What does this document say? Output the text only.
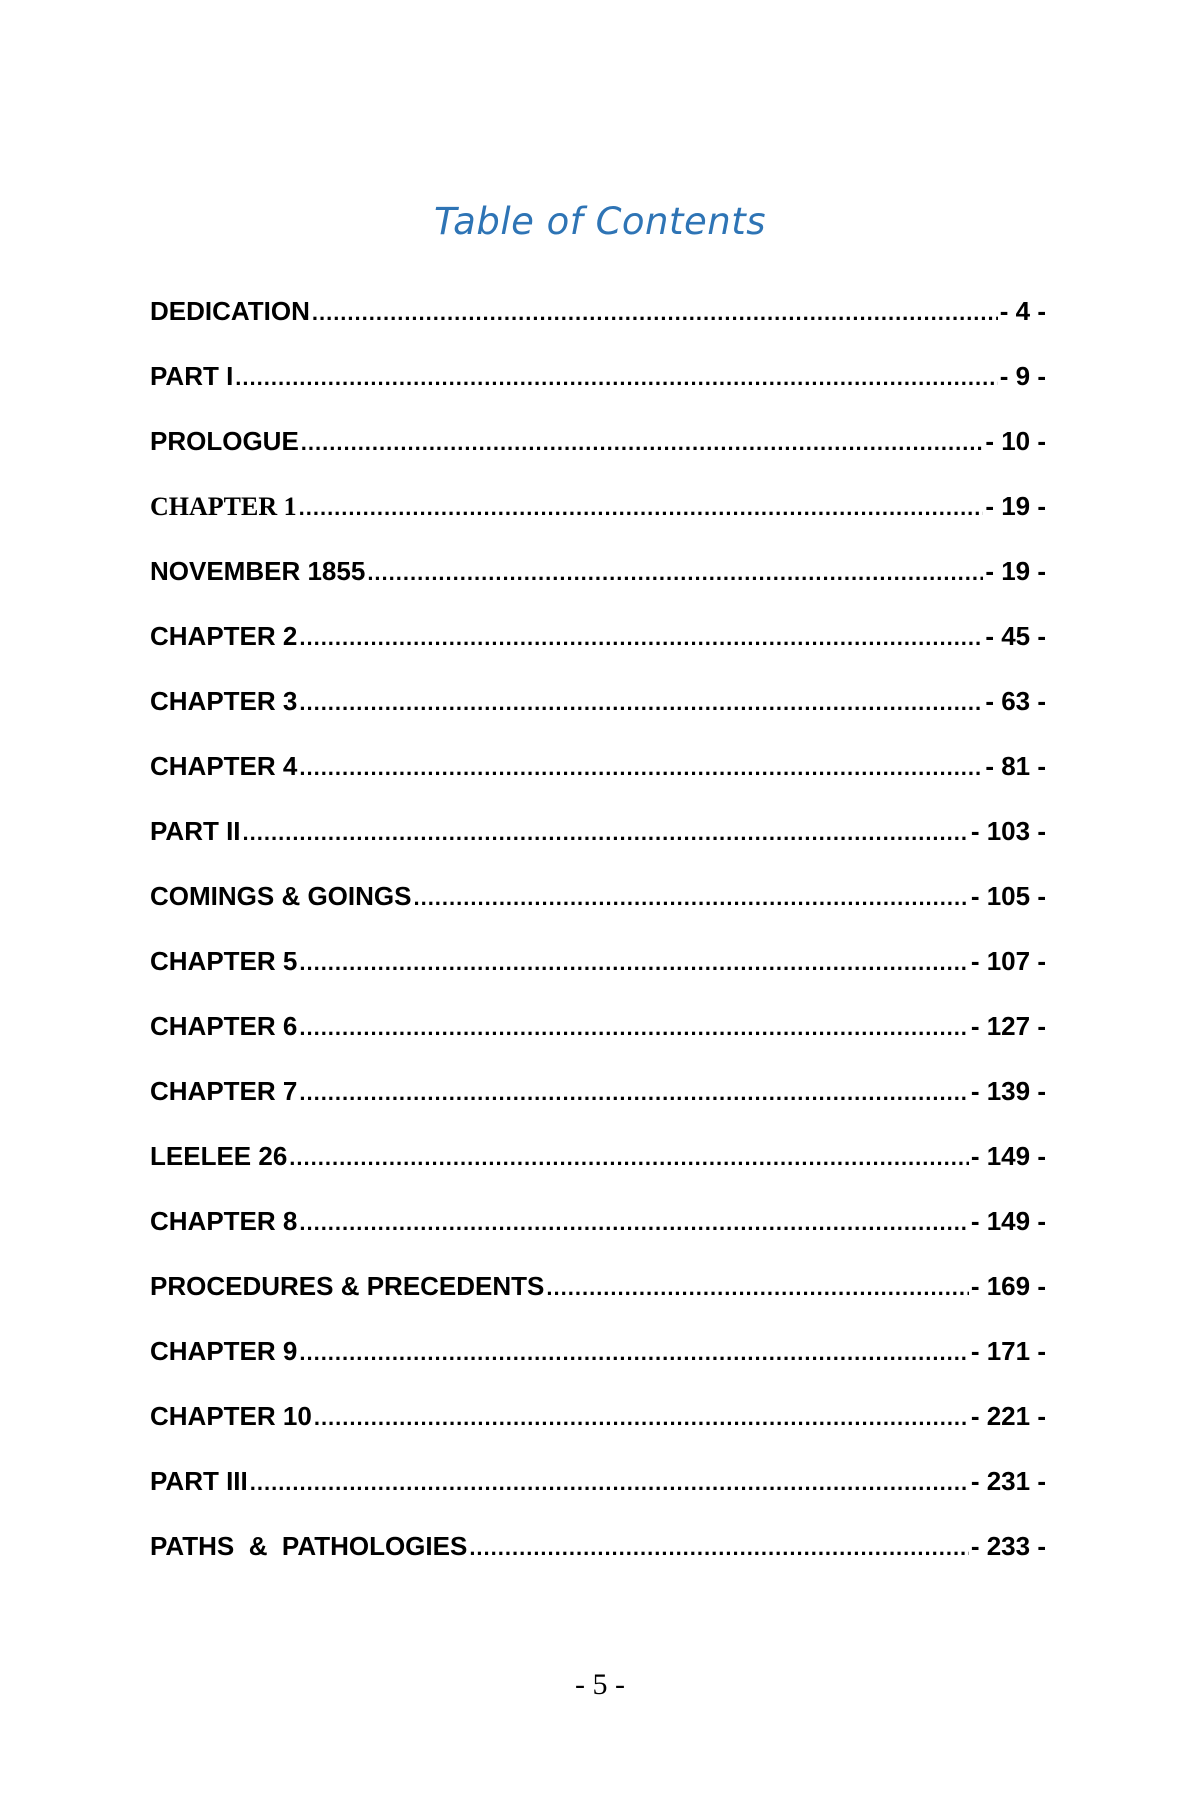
Table of Contents
DEDICATION .....	- 4 -
PART I .....	- 9 -
PROLOGUE .....	- 10 -
CHAPTER 1 .....	- 19 -
NOVEMBER 1855 .....	- 19 -
CHAPTER 2 .....	- 45 -
CHAPTER 3 .....	- 63 -
CHAPTER 4 .....	- 81 -
PART II .....	- 103 -
COMINGS & GOINGS .....	- 105 -
CHAPTER 5 .....	- 107 -
CHAPTER 6 .....	- 127 -
CHAPTER 7 .....	- 139 -
LEELEE 26 .....	- 149 -
CHAPTER 8 .....	- 149 -
PROCEDURES & PRECEDENTS .....	- 169 -
CHAPTER 9 .....	- 171 -
CHAPTER 10 .....	- 221 -
PART III .....	- 231 -
PATHS  &  PATHOLOGIES .....	- 233 -
- 5 -
